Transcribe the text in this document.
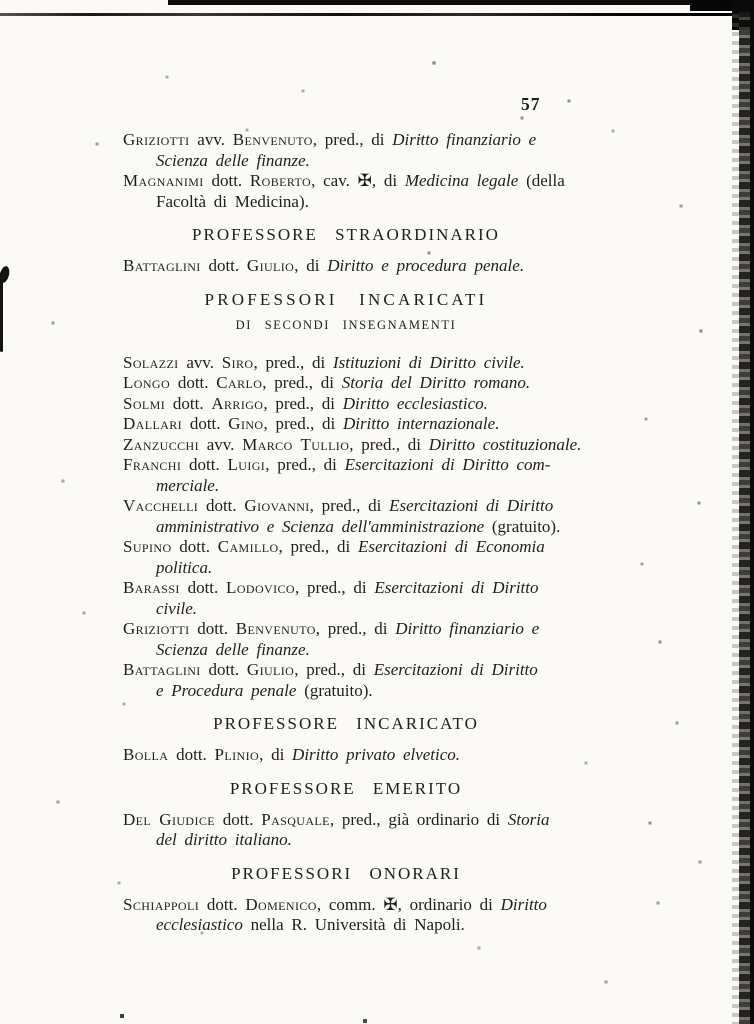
57
Griziotti avv. Benvenuto, pred., di Diritto finanziario e
Scienza delle finanze.
Magnanimi dott. Roberto, cav. ✠, di Medicina legale (della
Facoltà di Medicina).
PROFESSORE STRAORDINARIO
Battaglini dott. Giulio, di Diritto e procedura penale.
PROFESSORI INCARICATI
DI SECONDI INSEGNAMENTI
Solazzi avv. Siro, pred., di Istituzioni di Diritto civile.
Longo dott. Carlo, pred., di Storia del Diritto romano.
Solmi dott. Arrigo, pred., di Diritto ecclesiastico.
Dallari dott. Gino, pred., di Diritto internazionale.
Zanzucchi avv. Marco Tullio, pred., di Diritto costituzionale.
Franchi dott. Luigi, pred., di Esercitazioni di Diritto com-
merciale.
Vacchelli dott. Giovanni, pred., di Esercitazioni di Diritto
amministrativo e Scienza dell'amministrazione (gratuito).
Supino dott. Camillo, pred., di Esercitazioni di Economia
politica.
Barassi dott. Lodovico, pred., di Esercitazioni di Diritto
civile.
Griziotti dott. Benvenuto, pred., di Diritto finanziario e
Scienza delle finanze.
Battaglini dott. Giulio, pred., di Esercitazioni di Diritto
e Procedura penale (gratuito).
PROFESSORE INCARICATO
Bolla dott. Plinio, di Diritto privato elvetico.
PROFESSORE EMERITO
Del Giudice dott. Pasquale, pred., già ordinario di Storia
del diritto italiano.
PROFESSORI ONORARI
Schiappoli dott. Domenico, comm. ✠, ordinario di Diritto
ecclesiastico nella R. Università di Napoli.
